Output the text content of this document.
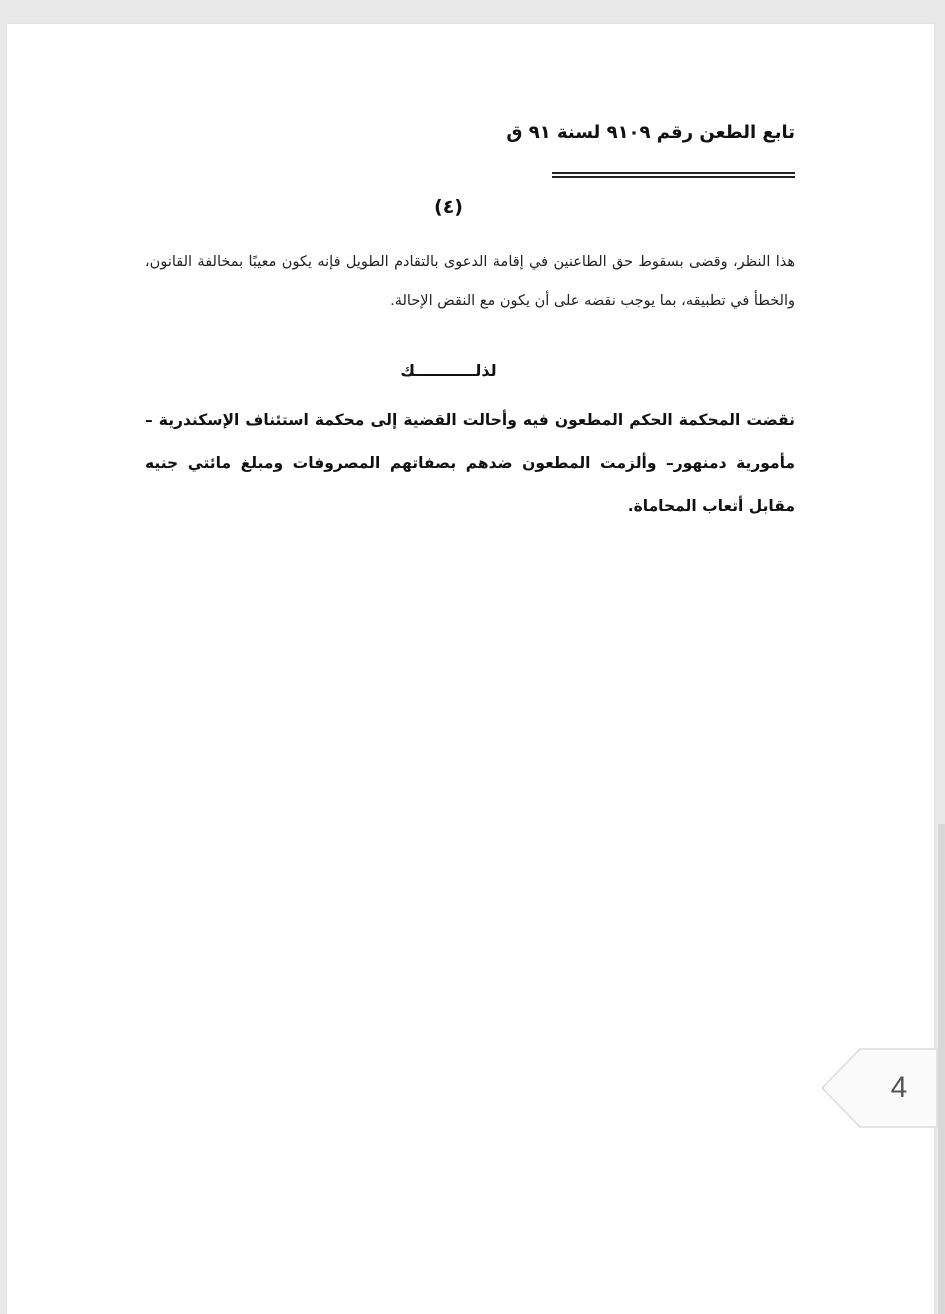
تابع الطعن رقم ٩١٠٩ لسنة ٩١ ق
(٤)
هذا النظر، وقضى بسقوط حق الطاعنين في إقامة الدعوى بالتقادم الطويل فإنه يكون معيبًا بمخالفة القانون، والخطأ في تطبيقه، بما يوجب نقضه على أن يكون مع النقض الإحالة.
لذلـــــــــــك
نقضت المحكمة الحكم المطعون فيه وأحالت القضية إلى محكمة استئناف الإسكندرية – مأمورية دمنهور– وألزمت المطعون ضدهم بصفاتهم المصروفات ومبلغ مائتي جنيه مقابل أتعاب المحاماة.
4
